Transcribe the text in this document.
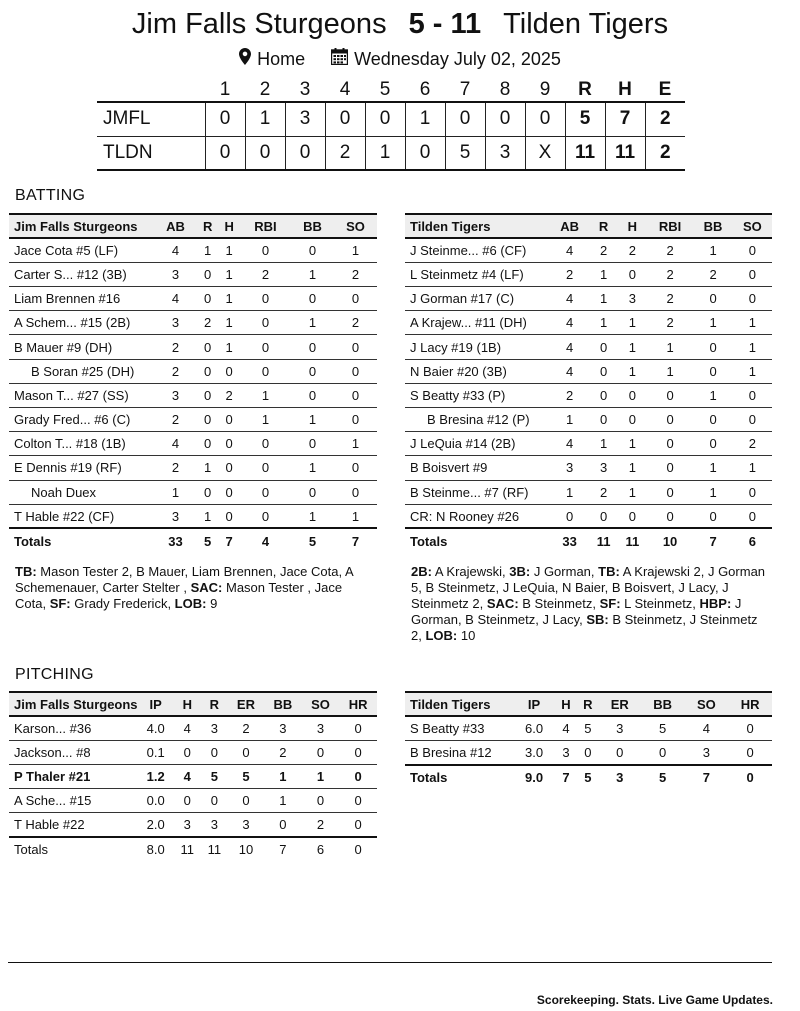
Jim Falls Sturgeons 5 - 11 Tilden Tigers
Home	Wednesday July 02, 2025
	1	2	3	4	5	6	7	8	9	R	H	E
JMFL	0	1	3	0	0	1	0	0	0	5	7	2
TLDN	0	0	0	2	1	0	5	3	X	11	11	2
BATTING
Jim Falls Sturgeons	AB	R	H	RBI	BB	SO
Jace Cota #5 (LF)	4	1	1	0	0	1
Carter S... #12 (3B)	3	0	1	2	1	2
Liam Brennen #16	4	0	1	0	0	0
A Schem... #15 (2B)	3	2	1	0	1	2
B Mauer #9 (DH)	2	0	1	0	0	0
B Soran #25 (DH)	2	0	0	0	0	0
Mason T... #27 (SS)	3	0	2	1	0	0
Grady Fred... #6 (C)	2	0	0	1	1	0
Colton T... #18 (1B)	4	0	0	0	0	1
E Dennis #19 (RF)	2	1	0	0	1	0
Noah Duex	1	0	0	0	0	0
T Hable #22 (CF)	3	1	0	0	1	1
Totals	33	5	7	4	5	7
Tilden Tigers	AB	R	H	RBI	BB	SO
J Steinme... #6 (CF)	4	2	2	2	1	0
L Steinmetz #4 (LF)	2	1	0	2	2	0
J Gorman #17 (C)	4	1	3	2	0	0
A Krajew... #11 (DH)	4	1	1	2	1	1
J Lacy #19 (1B)	4	0	1	1	0	1
N Baier #20 (3B)	4	0	1	1	0	1
S Beatty #33 (P)	2	0	0	0	1	0
B Bresina #12 (P)	1	0	0	0	0	0
J LeQuia #14 (2B)	4	1	1	0	0	2
B Boisvert #9	3	3	1	0	1	1
B Steinme... #7 (RF)	1	2	1	0	1	0
CR: N Rooney #26	0	0	0	0	0	0
Totals	33	11	11	10	7	6
TB: Mason Tester 2, B Mauer, Liam Brennen, Jace Cota, A Schemenauer, Carter Stelter , SAC: Mason Tester , Jace Cota, SF: Grady Frederick, LOB: 9
2B: A Krajewski, 3B: J Gorman, TB: A Krajewski 2, J Gorman 5, B Steinmetz, J LeQuia, N Baier, B Boisvert, J Lacy, J Steinmetz 2, SAC: B Steinmetz, SF: L Steinmetz, HBP: J Gorman, B Steinmetz, J Lacy, SB: B Steinmetz, J Steinmetz 2, LOB: 10
PITCHING
Jim Falls Sturgeons	IP	H	R	ER	BB	SO	HR
Karson... #36	4.0	4	3	2	3	3	0
Jackson... #8	0.1	0	0	0	2	0	0
P Thaler #21	1.2	4	5	5	1	1	0
A Sche... #15	0.0	0	0	0	1	0	0
T Hable #22	2.0	3	3	3	0	2	0
Totals	8.0	11	11	10	7	6	0
Tilden Tigers	IP	H	R	ER	BB	SO	HR
S Beatty #33	6.0	4	5	3	5	4	0
B Bresina #12	3.0	3	0	0	0	3	0
Totals	9.0	7	5	3	5	7	0
Scorekeeping. Stats. Live Game Updates.
